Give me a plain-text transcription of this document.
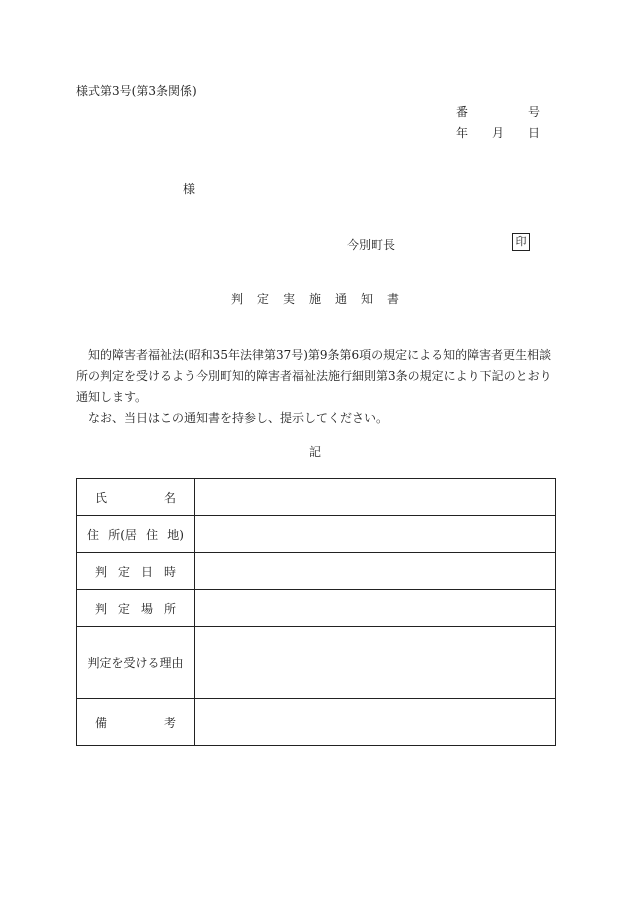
様式第3号(第3条関係)
番	号
年 月 日
様
今別町長	印
判定実施通知書

知的障害者福祉法(昭和35年法律第37号)第9条第6項の規定による知的障害者更生相談所の判定を受けるよう今別町知的障害者福祉法施行細則第3条の規定により下記のとおり通知します。

なお、当日はこの通知書を持参し、提示してください。

記
氏 名	

住 所(居 住 地)	

判 定 日 時	

判 定 場 所	

判定を受ける理由	

備 考	
